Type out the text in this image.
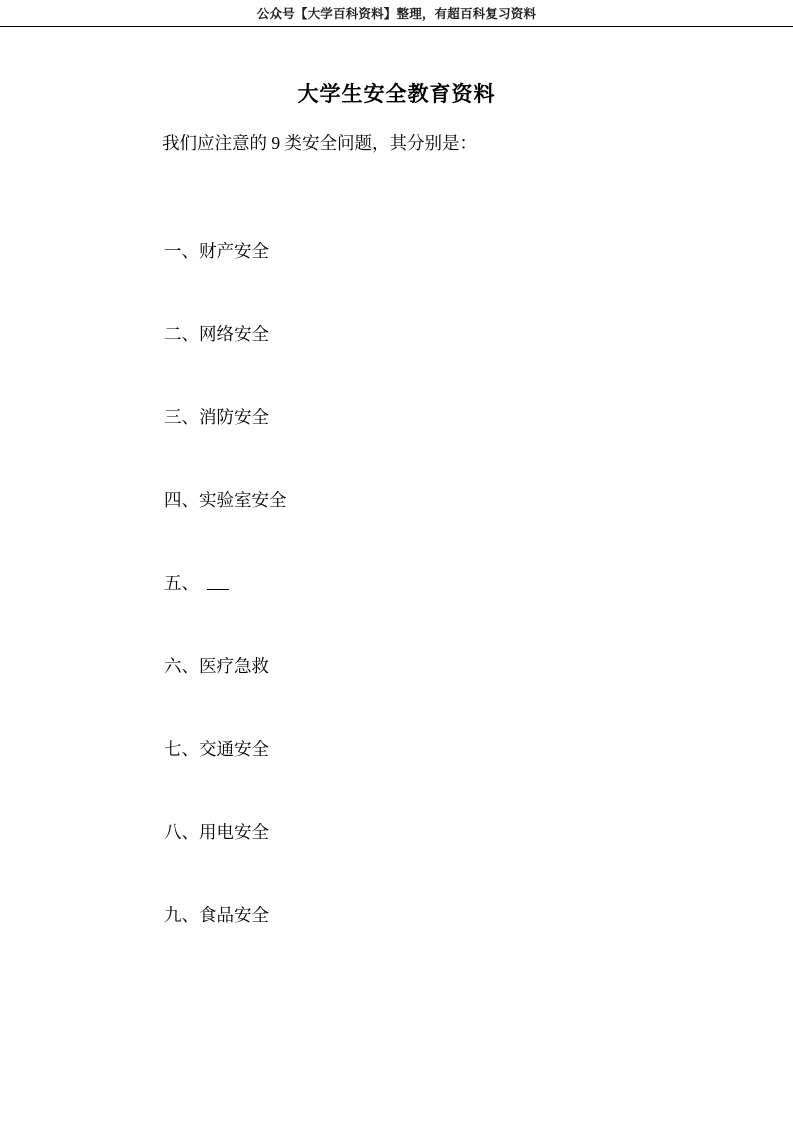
公众号【大学百科资料】整理，有超百科复习资料
大学生安全教育资料
我们应注意的 9 类安全问题，其分别是：
一、财产安全
二、网络安全
三、消防安全
四、实验室安全
五、
六、医疗急救
七、交通安全
八、用电安全
九、食品安全
